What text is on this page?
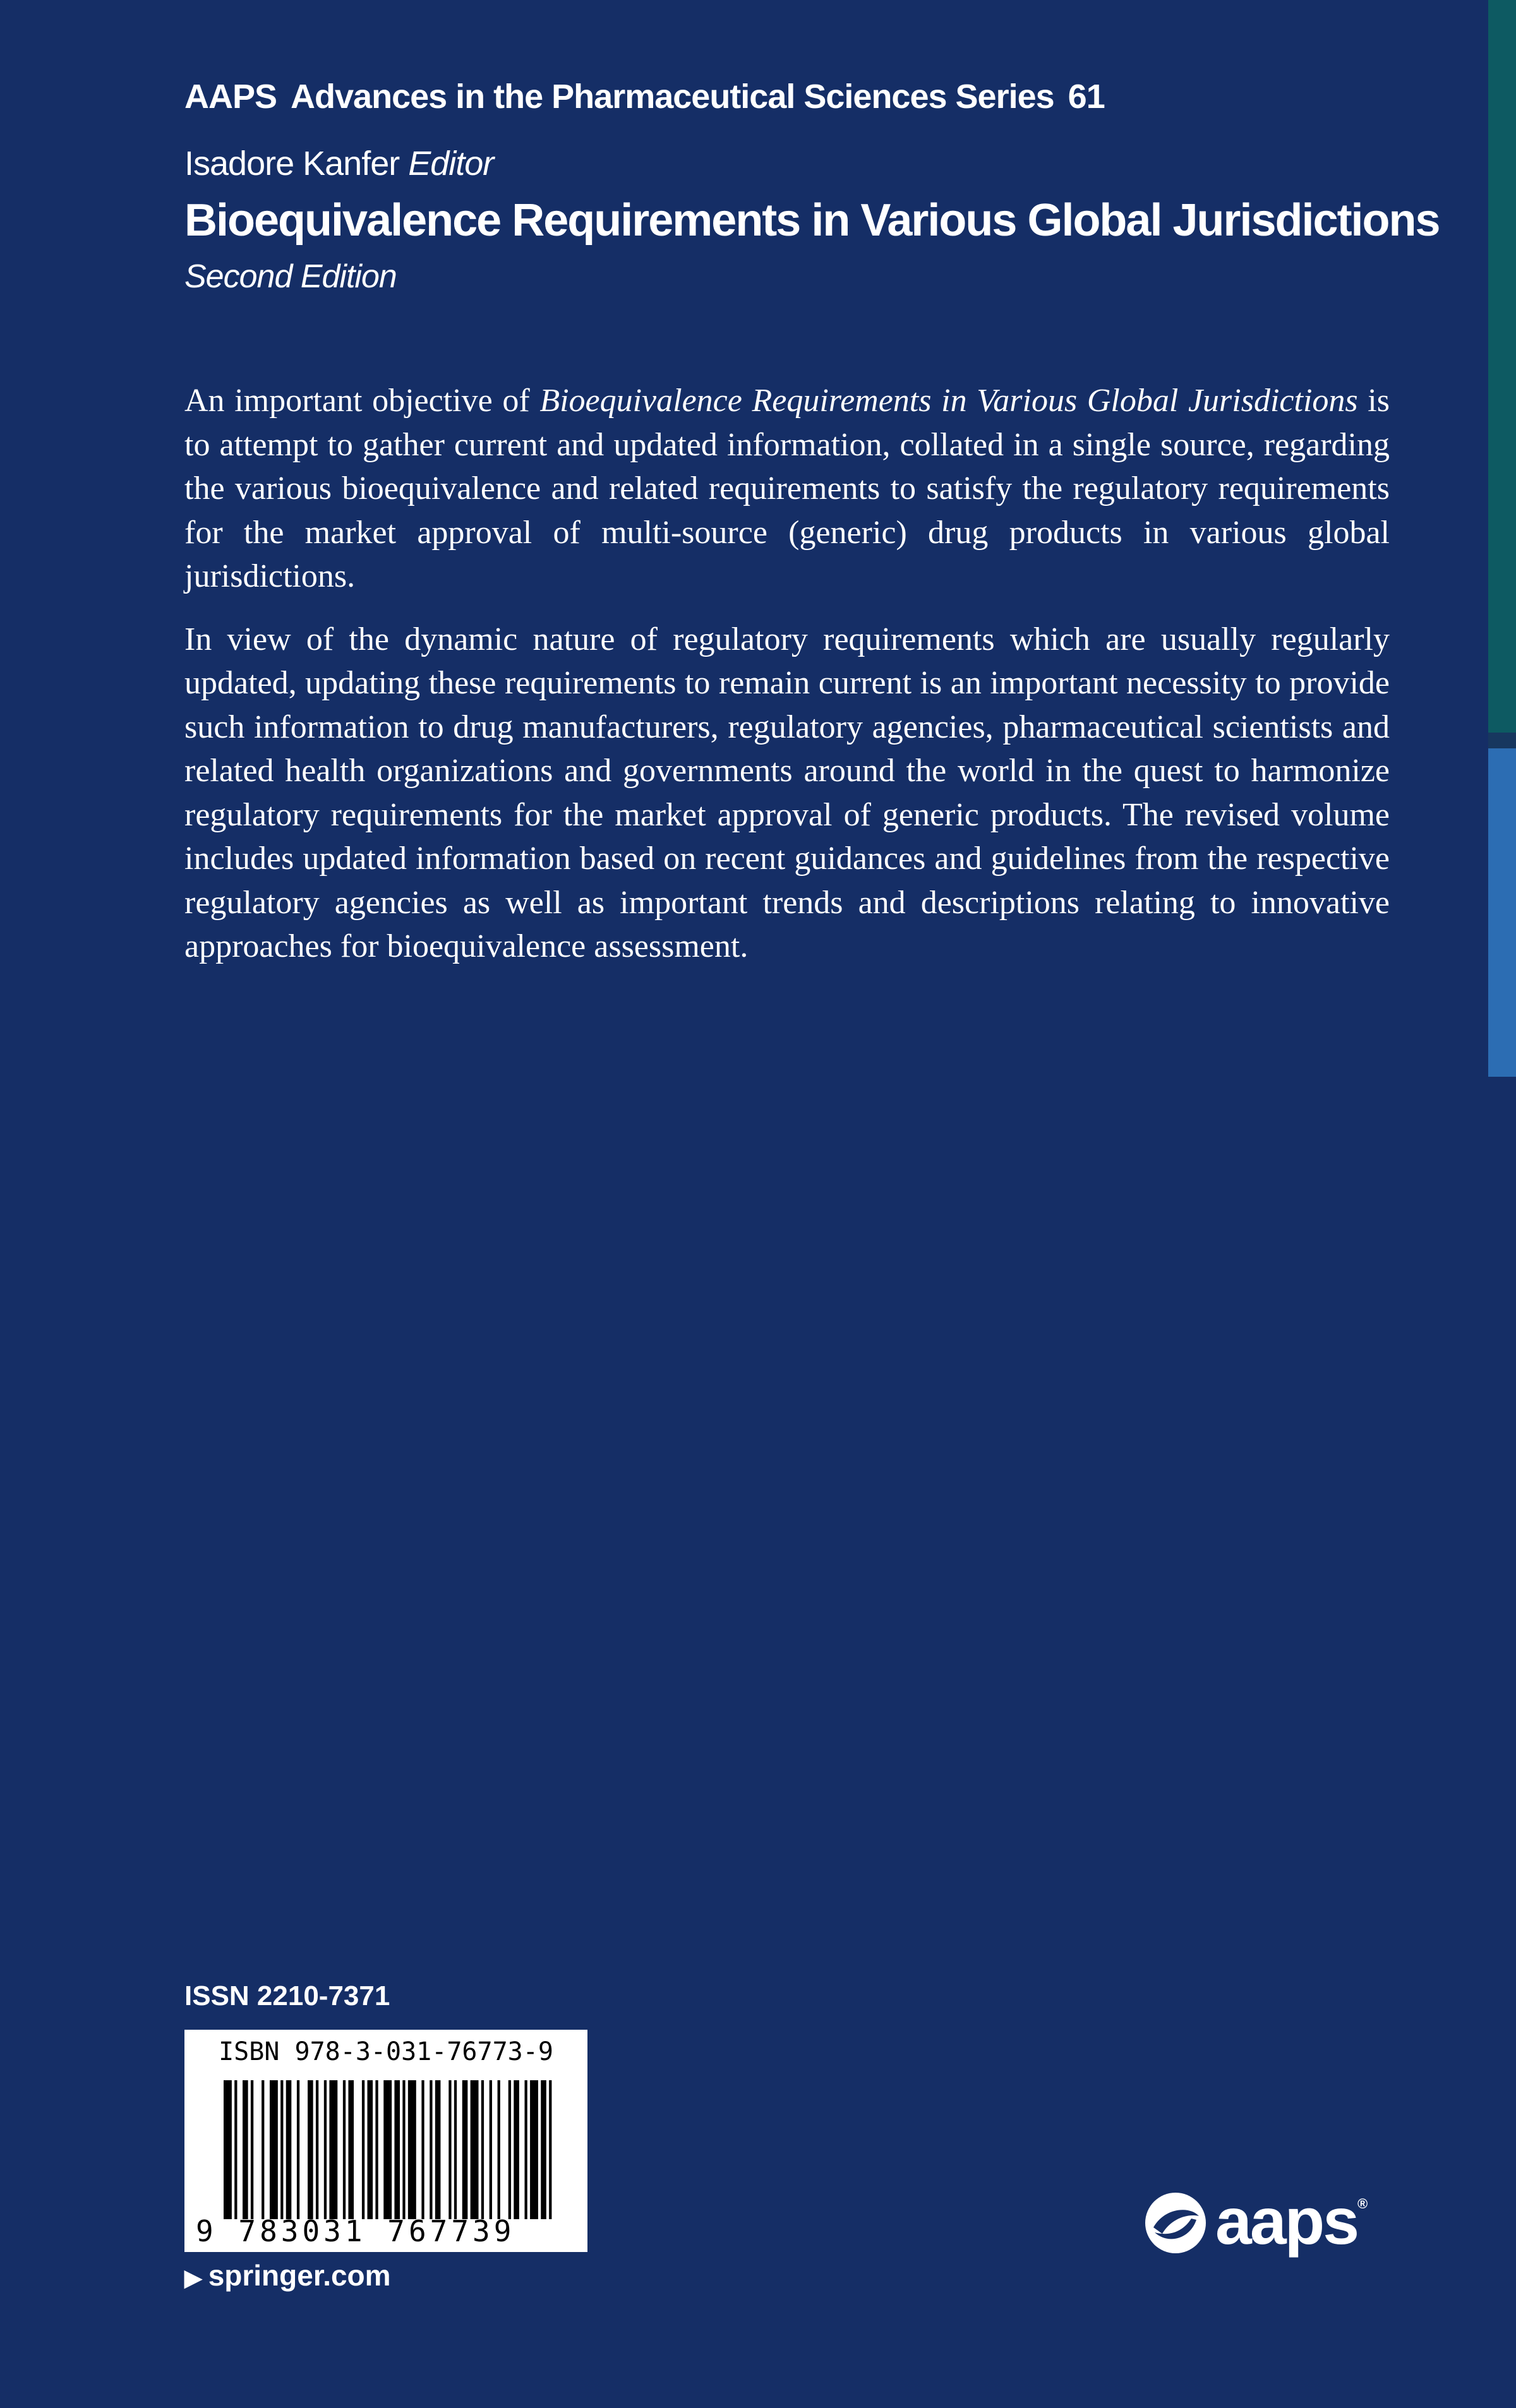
AAPS Advances in the Pharmaceutical Sciences Series 61
Isadore Kanfer Editor
Bioequivalence Requirements in Various Global Jurisdictions
Second Edition

An important objective of Bioequivalence Requirements in Various Global Jurisdictions is to attempt to gather current and updated information, collated in a single source, regarding the various bioequivalence and related requirements to satisfy the regulatory requirements for the market approval of multi-source (generic) drug products in various global jurisdictions.

In view of the dynamic nature of regulatory requirements which are usually regularly updated, updating these requirements to remain current is an important necessity to provide such information to drug manufacturers, regulatory agencies, pharmaceutical scientists and related health organizations and governments around the world in the quest to harmonize regulatory requirements for the market approval of generic products. The revised volume includes updated information based on recent guidances and guidelines from the respective regulatory agencies as well as important trends and descriptions relating to innovative approaches for bioequivalence assessment.

ISSN 2210-7371
ISBN 978-3-031-76773-9
9 783031 767739
▶ springer.com
aaps®
